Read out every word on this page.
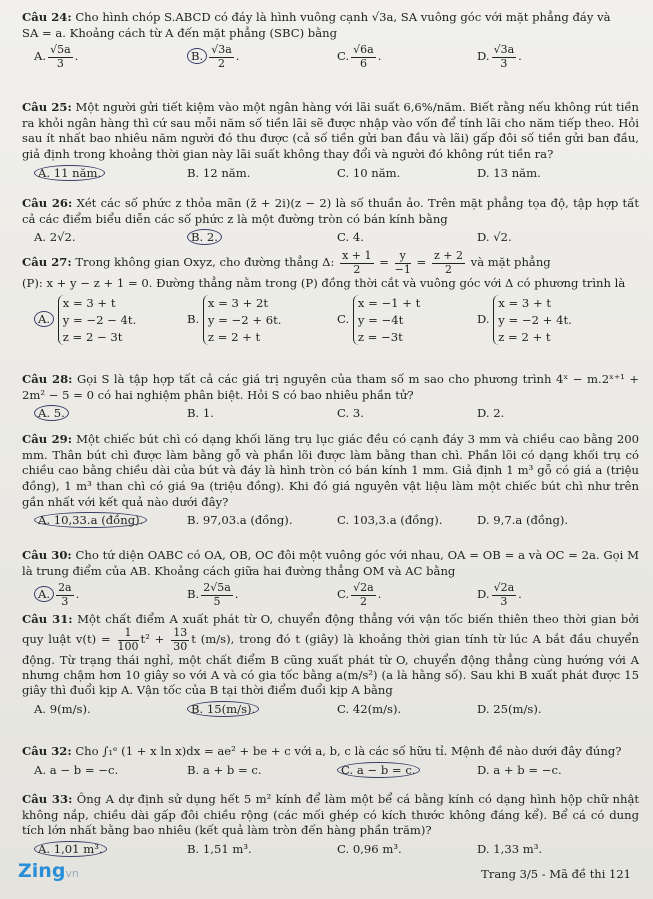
Câu 24: Cho hình chóp S.ABCD có đáy là hình vuông cạnh √3a, SA vuông góc với mặt phẳng đáy và
SA = a. Khoảng cách từ A đến mặt phẳng (SBC) bằng
A. $\frac{√5a}{3}$ .	B. $\frac{√3a}{2}$ .	C. $\frac{√6a}{6}$ .	D. $\frac{√3a}{3}$ .
Câu 25: Một người gửi tiết kiệm vào một ngân hàng với lãi suất 6,6%/năm. Biết rằng nếu không rút tiền ra khỏi ngân hàng thì cứ sau mỗi năm số tiền lãi sẽ được nhập vào vốn để tính lãi cho năm tiếp theo. Hỏi sau ít nhất bao nhiêu năm người đó thu được (cả số tiền gửi ban đầu và lãi) gấp đôi số tiền gửi ban đầu, giả định trong khoảng thời gian này lãi suất không thay đổi và người đó không rút tiền ra?
A. 11 năm.	B. 12 năm.	C. 10 năm.	D. 13 năm.
Câu 26: Xét các số phức z thỏa mãn (z̄ + 2i)(z − 2) là số thuần ảo. Trên mặt phẳng tọa độ, tập hợp tất cả các điểm biểu diễn các số phức z là một đường tròn có bán kính bằng
A. 2√2.	B. 2.	C. 4.	D. √2.
Câu 27: Trong không gian Oxyz, cho đường thẳng Δ: $\frac{x + 1}{2} = \frac{y}{-1} = \frac{z + 2}{2}$ và mặt phẳng
(P): x + y − z + 1 = 0. Đường thẳng nằm trong (P) đồng thời cắt và vuông góc với Δ có phương trình là
A.
x = 3 + t
y = −2 − 4t.
z = 2 − 3t
B.
x = 3 + 2t
y = −2 + 6t.
z = 2 + t
C.
x = −1 + t
y = −4t
z = −3t
D.
x = 3 + t
y = −2 + 4t.
z = 2 + t
Câu 28: Gọi S là tập hợp tất cả các giá trị nguyên của tham số m sao cho phương trình 4ˣ − m.2ˣ⁺¹ + 2m² − 5 = 0 có hai nghiệm phân biệt. Hỏi S có bao nhiêu phần tử?
A. 5.	B. 1.	C. 3.	D. 2.
Câu 29: Một chiếc bút chì có dạng khối lăng trụ lục giác đều có cạnh đáy 3 mm và chiều cao bằng 200 mm. Thân bút chì được làm bằng gỗ và phần lõi được làm bằng than chì. Phần lõi có dạng khối trụ có chiều cao bằng chiều dài của bút và đáy là hình tròn có bán kính 1 mm. Giả định 1 m³ gỗ có giá a (triệu đồng), 1 m³ than chì có giá 9a (triệu đồng). Khi đó giá nguyên vật liệu làm một chiếc bút chì như trên gần nhất với kết quả nào dưới đây?
A. 10,33.a (đồng).	B. 97,03.a (đồng).	C. 103,3.a (đồng).	D. 9,7.a (đồng).
Câu 30: Cho tứ diện OABC có OA, OB, OC đôi một vuông góc với nhau, OA = OB = a và OC = 2a. Gọi M là trung điểm của AB. Khoảng cách giữa hai đường thẳng OM và AC bằng
A. $\frac{2a}{3}$ .	B. $\frac{2√5a}{5}$ .	C. $\frac{√2a}{2}$ .	D. $\frac{√2a}{3}$ .
Câu 31: Một chất điểm A xuất phát từ O, chuyển động thẳng với vận tốc biến thiên theo thời gian bởi quy luật $v(t) = \frac{1}{100} t^2 + \frac{13}{30}$ t (m/s), trong đó t (giây) là khoảng thời gian tính từ lúc A bắt đầu chuyển động. Từ trạng thái nghỉ, một chất điểm B cũng xuất phát từ O, chuyển động thẳng cùng hướng với A nhưng chậm hơn 10 giây so với A và có gia tốc bằng a(m/s²) (a là hằng số). Sau khi B xuất phát được 15 giây thì đuổi kịp A. Vận tốc của B tại thời điểm đuổi kịp A bằng
A. 9(m/s).	B. 15(m/s).	C. 42(m/s).	D. 25(m/s).
Câu 32: Cho ∫₁ᵉ (1 + x ln x)dx = ae² + be + c với a, b, c là các số hữu tỉ. Mệnh đề nào dưới đây đúng?
A. a − b = −c.	B. a + b = c.	C. a − b = c.	D. a + b = −c.
Câu 33: Ông A dự định sử dụng hết 5 m² kính để làm một bể cá bằng kính có dạng hình hộp chữ nhật không nắp, chiều dài gấp đôi chiều rộng (các mối ghép có kích thước không đáng kể). Bể cá có dung tích lớn nhất bằng bao nhiêu (kết quả làm tròn đến hàng phần trăm)?
A. 1,01 m³.	B. 1,51 m³.	C. 0,96 m³.	D. 1,33 m³.
Zingvn	Trang 3/5 - Mã đề thi 121
